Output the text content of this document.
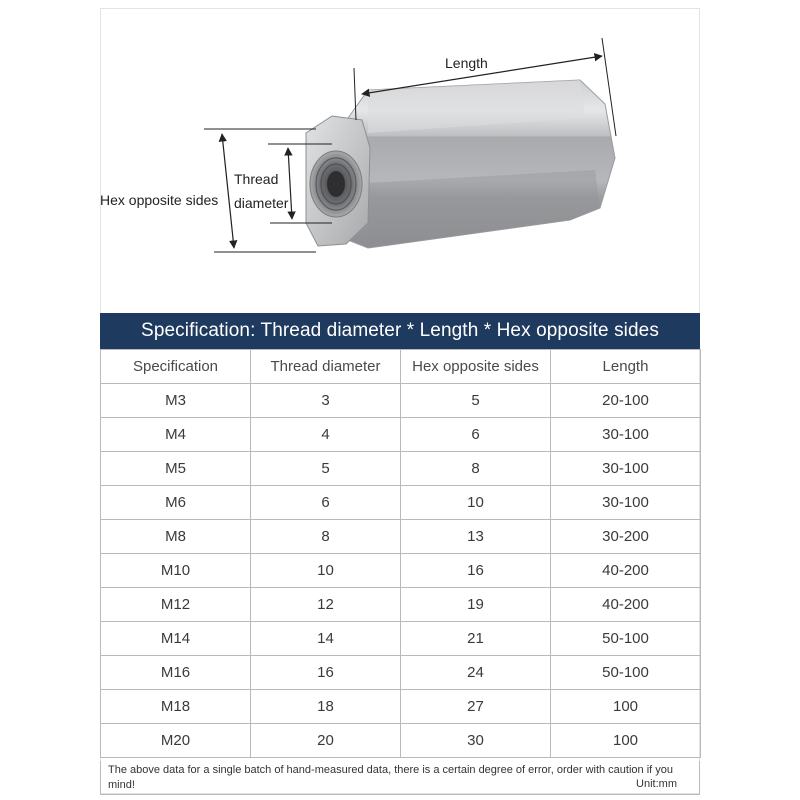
Length
Thread
diameter
Hex opposite sides
Specification: Thread diameter * Length * Hex opposite sides
Specification	Thread diameter	Hex opposite sides	Length
M3	3	5	20-100
M4	4	6	30-100
M5	5	8	30-100
M6	6	10	30-100
M8	8	13	30-200
M10	10	16	40-200
M12	12	19	40-200
M14	14	21	50-100
M16	16	24	50-100
M18	18	27	100
M20	20	30	100
The above data for a single batch of hand-measured data, there is a certain degree of error, order with caution if you mind!	Unit:mm
